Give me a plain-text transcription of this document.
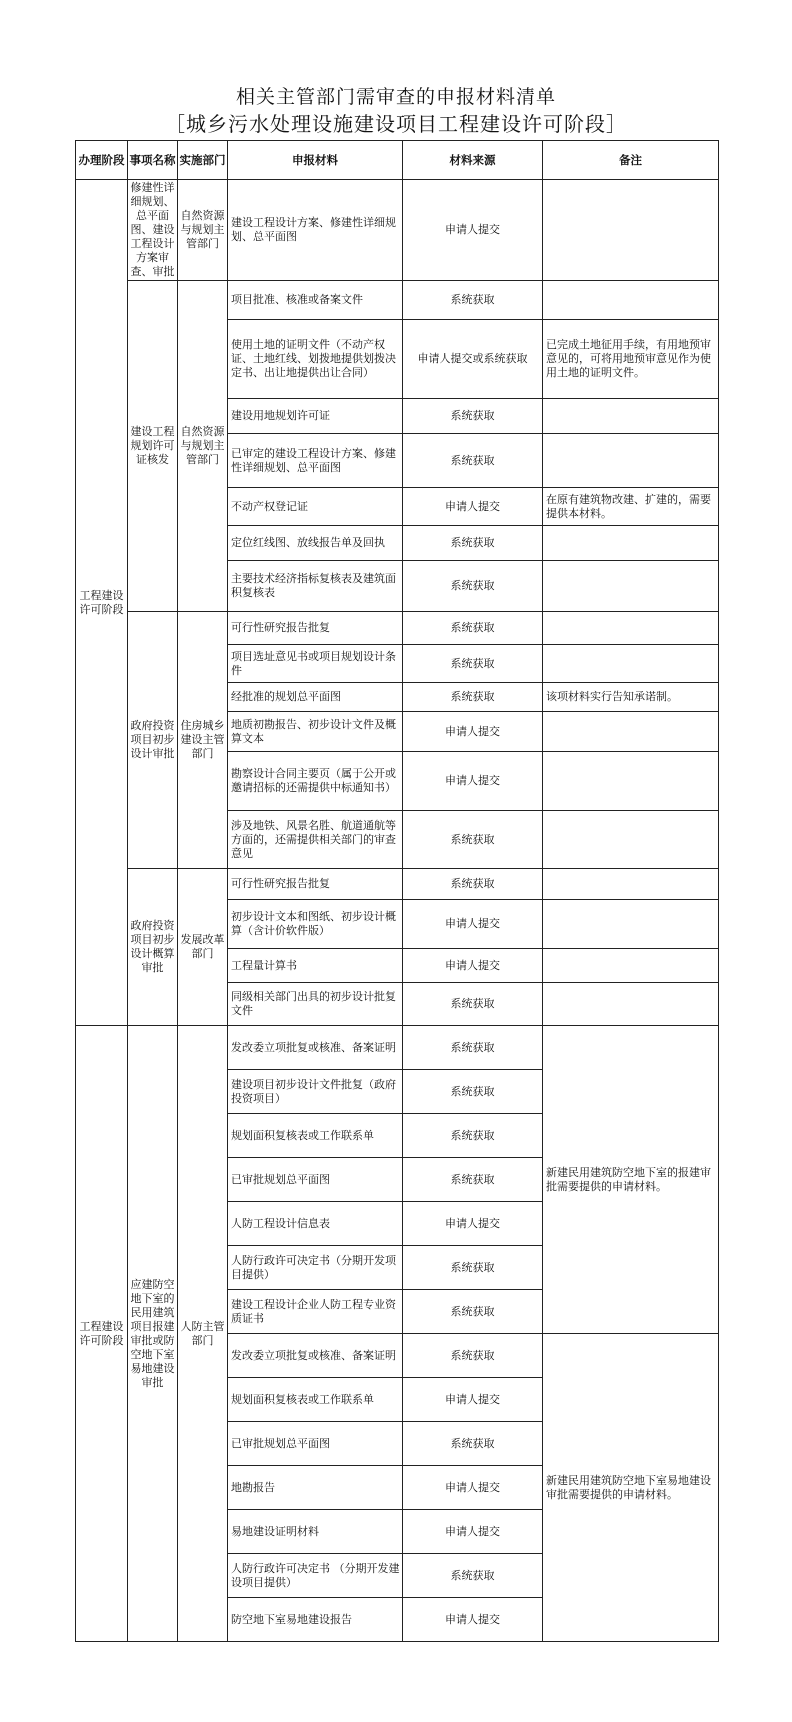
相关主管部门需审查的申报材料清单
［城乡污水处理设施建设项目工程建设许可阶段］
办理阶段	事项名称	实施部门	申报材料	材料来源	备注
工程建设许可阶段	修建性详细规划、总平面图、建设工程设计方案审查、审批	自然资源与规划主管部门	建设工程设计方案、修建性详细规划、总平面图	申请人提交	
	建设工程规划许可证核发	自然资源与规划主管部门	项目批准、核准或备案文件	系统获取	
			使用土地的证明文件（不动产权证、土地红线、划拨地提供划拨决定书、出让地提供出让合同）	申请人提交或系统获取	已完成土地征用手续，有用地预审意见的，可将用地预审意见作为使用土地的证明文件。
			建设用地规划许可证	系统获取	
			已审定的建设工程设计方案、修建性详细规划、总平面图	系统获取	
			不动产权登记证	申请人提交	在原有建筑物改建、扩建的，需要提供本材料。
			定位红线图、放线报告单及回执	系统获取	
			主要技术经济指标复核表及建筑面积复核表	系统获取	
	政府投资项目初步设计审批	住房城乡建设主管部门	可行性研究报告批复	系统获取	
			项目选址意见书或项目规划设计条件	系统获取	
			经批准的规划总平面图	系统获取	该项材料实行告知承诺制。
			地质初勘报告、初步设计文件及概算文本	申请人提交	
			勘察设计合同主要页（属于公开或邀请招标的还需提供中标通知书）	申请人提交	
			涉及地铁、风景名胜、航道通航等方面的，还需提供相关部门的审查意见	系统获取	
	政府投资项目初步设计概算审批	发展改革部门	可行性研究报告批复	系统获取	
			初步设计文本和图纸、初步设计概算（含计价软件版）	申请人提交	
			工程量计算书	申请人提交	
			同级相关部门出具的初步设计批复文件	系统获取	
工程建设许可阶段	应建防空地下室的民用建筑项目报建审批或防空地下室易地建设审批	人防主管部门	发改委立项批复或核准、备案证明	系统获取	新建民用建筑防空地下室的报建审批需要提供的申请材料。
			建设项目初步设计文件批复（政府投资项目）	系统获取	
			规划面积复核表或工作联系单	系统获取	
			已审批规划总平面图	系统获取	
			人防工程设计信息表	申请人提交	
			人防行政许可决定书（分期开发项目提供）	系统获取	
			建设工程设计企业人防工程专业资质证书	系统获取	
			发改委立项批复或核准、备案证明	系统获取	新建民用建筑防空地下室易地建设审批需要提供的申请材料。
			规划面积复核表或工作联系单	申请人提交	
			已审批规划总平面图	系统获取	
			地勘报告	申请人提交	
			易地建设证明材料	申请人提交	
			人防行政许可决定书 （分期开发建设项目提供）	系统获取	
			防空地下室易地建设报告	申请人提交	
